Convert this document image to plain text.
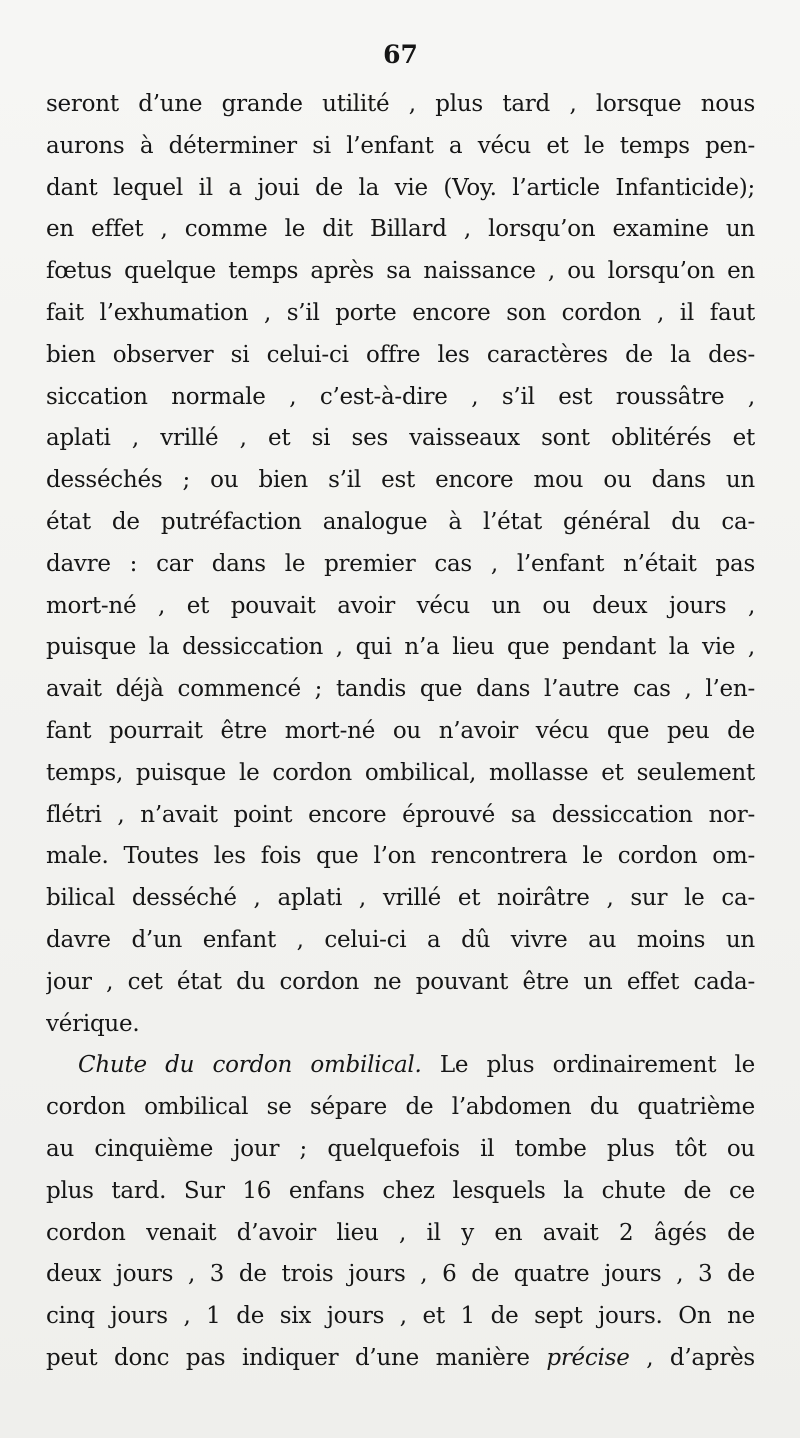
67
seront d’une grande utilité , plus tard , lorsque nous
aurons à déterminer si l’enfant a vécu et le temps pen-
dant lequel il a joui de la vie (Voy. l’article Infanticide);
en effet , comme le dit Billard , lorsqu’on examine un
fœtus quelque temps après sa naissance , ou lorsqu’on en
fait l’exhumation , s’il porte encore son cordon , il faut
bien observer si celui-ci offre les caractères de la des-
siccation normale , c’est-à-dire , s’il est roussâtre ,
aplati , vrillé , et si ses vaisseaux sont oblitérés et
desséchés ; ou bien s’il est encore mou ou dans un
état de putréfaction analogue à l’état général du ca-
davre : car dans le premier cas , l’enfant n’était pas
mort-né , et pouvait avoir vécu un ou deux jours ,
puisque la dessiccation , qui n’a lieu que pendant la vie ,
avait déjà commencé ; tandis que dans l’autre cas , l’en-
fant pourrait être mort-né ou n’avoir vécu que peu de
temps, puisque le cordon ombilical, mollasse et seulement
flétri , n’avait point encore éprouvé sa dessiccation nor-
male. Toutes les fois que l’on rencontrera le cordon om-
bilical desséché , aplati , vrillé et noirâtre , sur le ca-
davre d’un enfant , celui-ci a dû vivre au moins un
jour , cet état du cordon ne pouvant être un effet cada-
vérique.
Chute du cordon ombilical. Le plus ordinairement le
cordon ombilical se sépare de l’abdomen du quatrième
au cinquième jour ; quelquefois il tombe plus tôt ou
plus tard. Sur 16 enfans chez lesquels la chute de ce
cordon venait d’avoir lieu , il y en avait 2 âgés de
deux jours , 3 de trois jours , 6 de quatre jours , 3 de
cinq jours , 1 de six jours , et 1 de sept jours. On ne
peut donc pas indiquer d’une manière précise , d’après
